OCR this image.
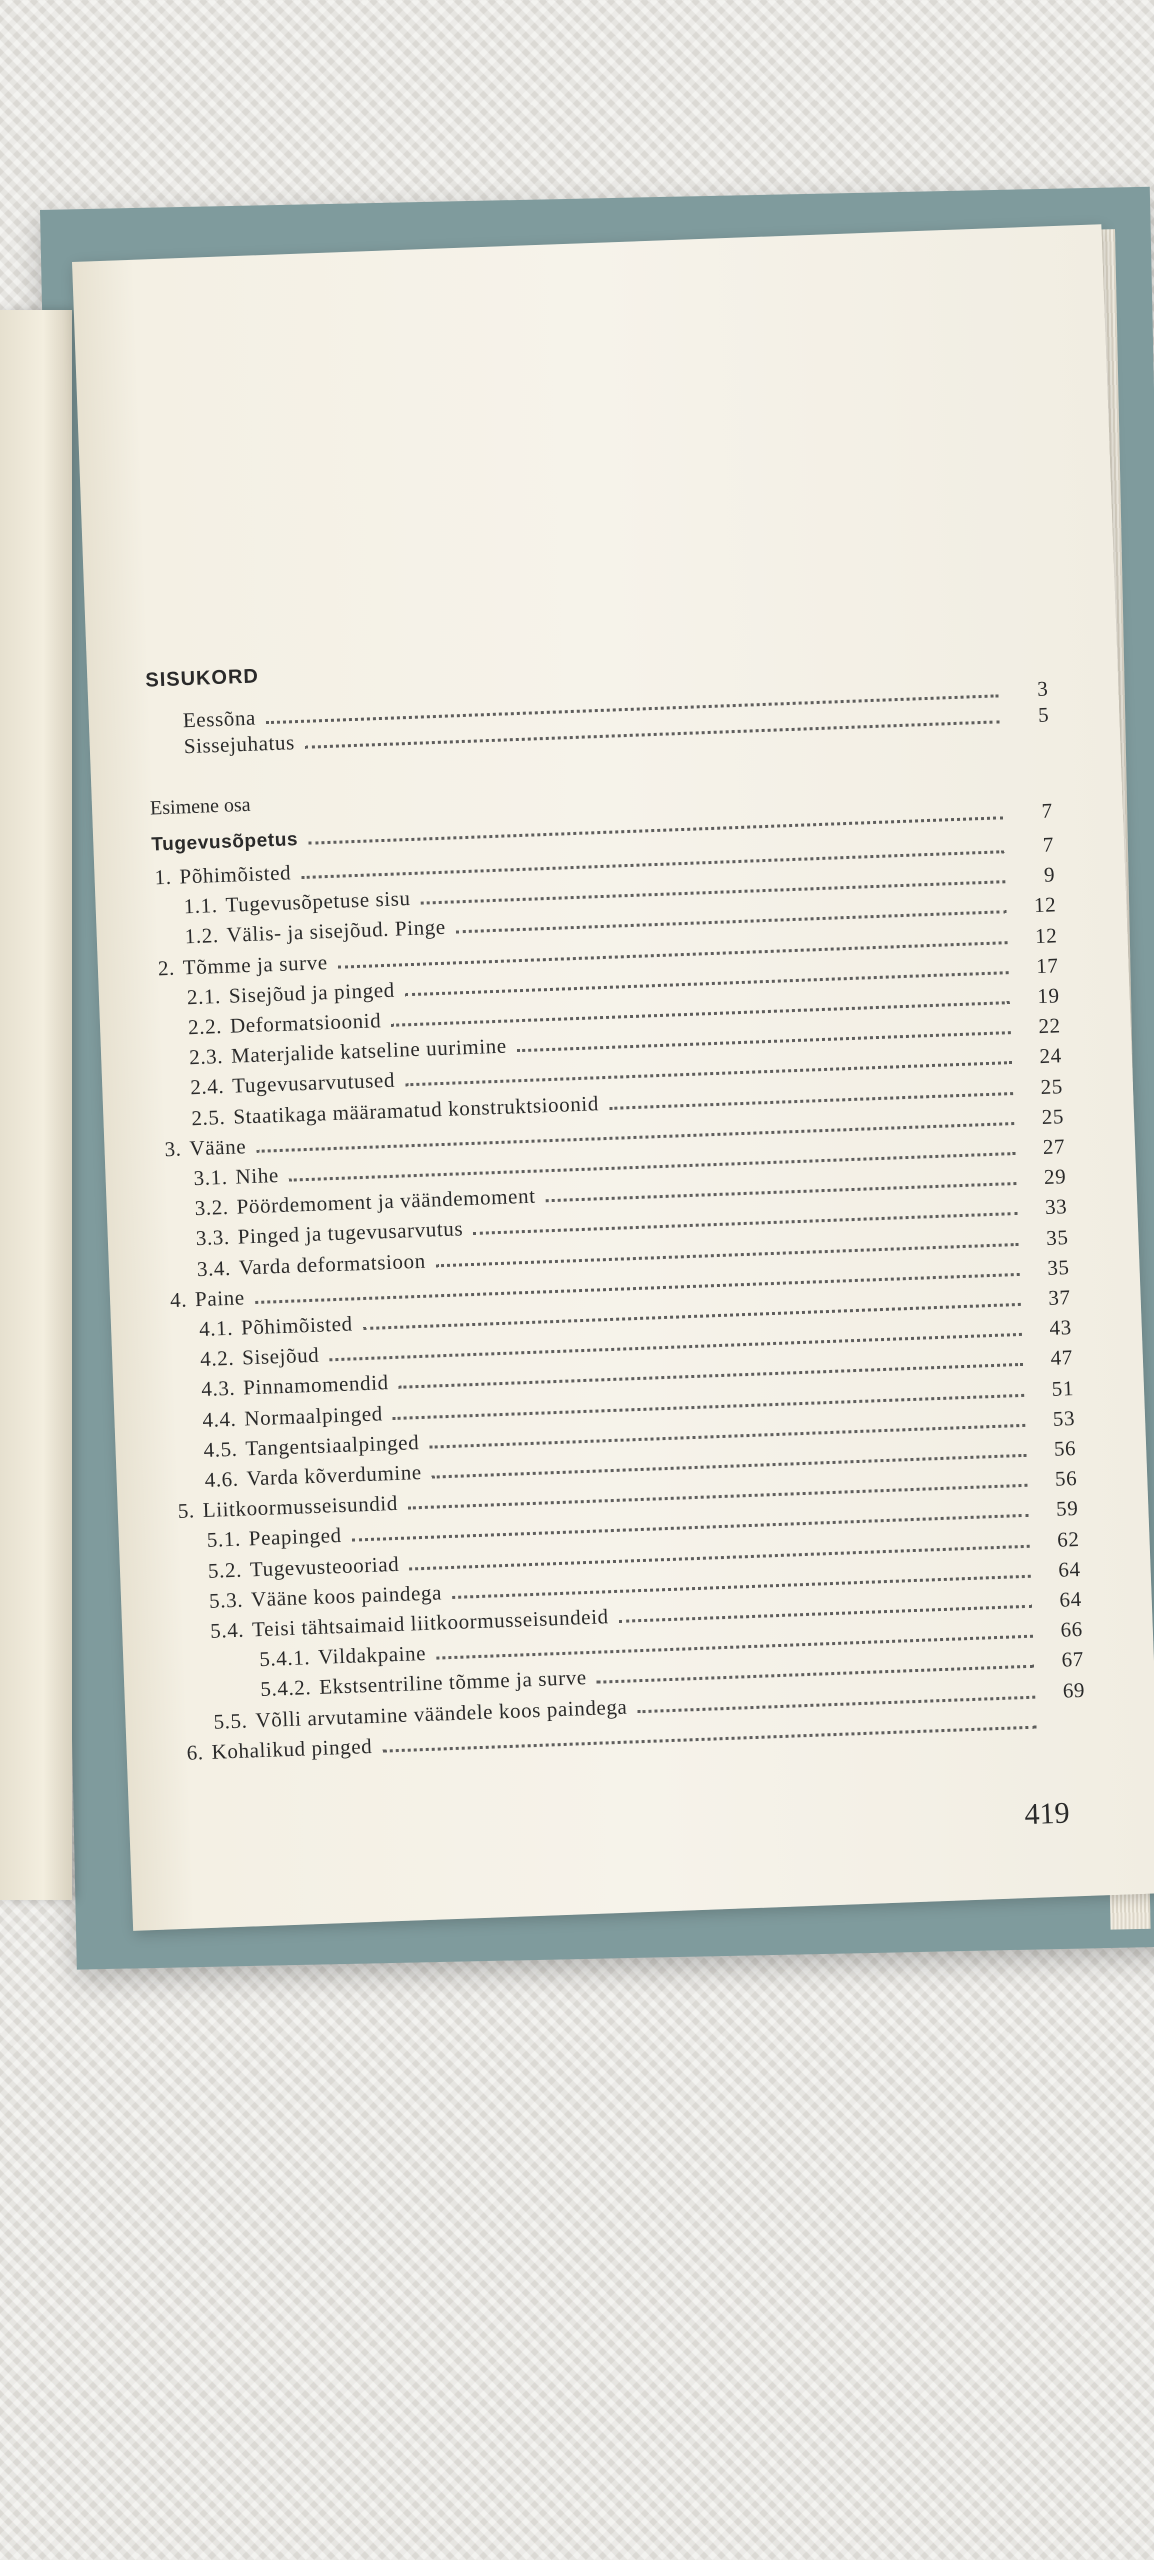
SISUKORD
Eessõna
3
Sissejuhatus
5
Esimene osa
Tugevusõpetus
7
1. Põhimõisted
7
1.1. Tugevusõpetuse sisu
9
1.2. Välis- ja sisejõud. Pinge
12
2. Tõmme ja surve
12
2.1. Sisejõud ja pinged
17
2.2. Deformatsioonid
19
2.3. Materjalide katseline uurimine
22
2.4. Tugevusarvutused
24
2.5. Staatikaga määramatud konstruktsioonid
25
3. Vääne
25
3.1. Nihe
27
3.2. Pöördemoment ja väändemoment
29
3.3. Pinged ja tugevusarvutus
33
3.4. Varda deformatsioon
35
4. Paine
35
4.1. Põhimõisted
37
4.2. Sisejõud
43
4.3. Pinnamomendid
47
4.4. Normaalpinged
51
4.5. Tangentsiaalpinged
53
4.6. Varda kõverdumine
56
5. Liitkoormusseisundid
56
5.1. Peapinged
59
5.2. Tugevusteooriad
62
5.3. Vääne koos paindega
64
5.4. Teisi tähtsaimaid liitkoormusseisundeid
64
5.4.1. Vildakpaine
66
5.4.2. Ekstsentriline tõmme ja surve
67
5.5. Võlli arvutamine väändele koos paindega
69
6. Kohalikud pinged
419
